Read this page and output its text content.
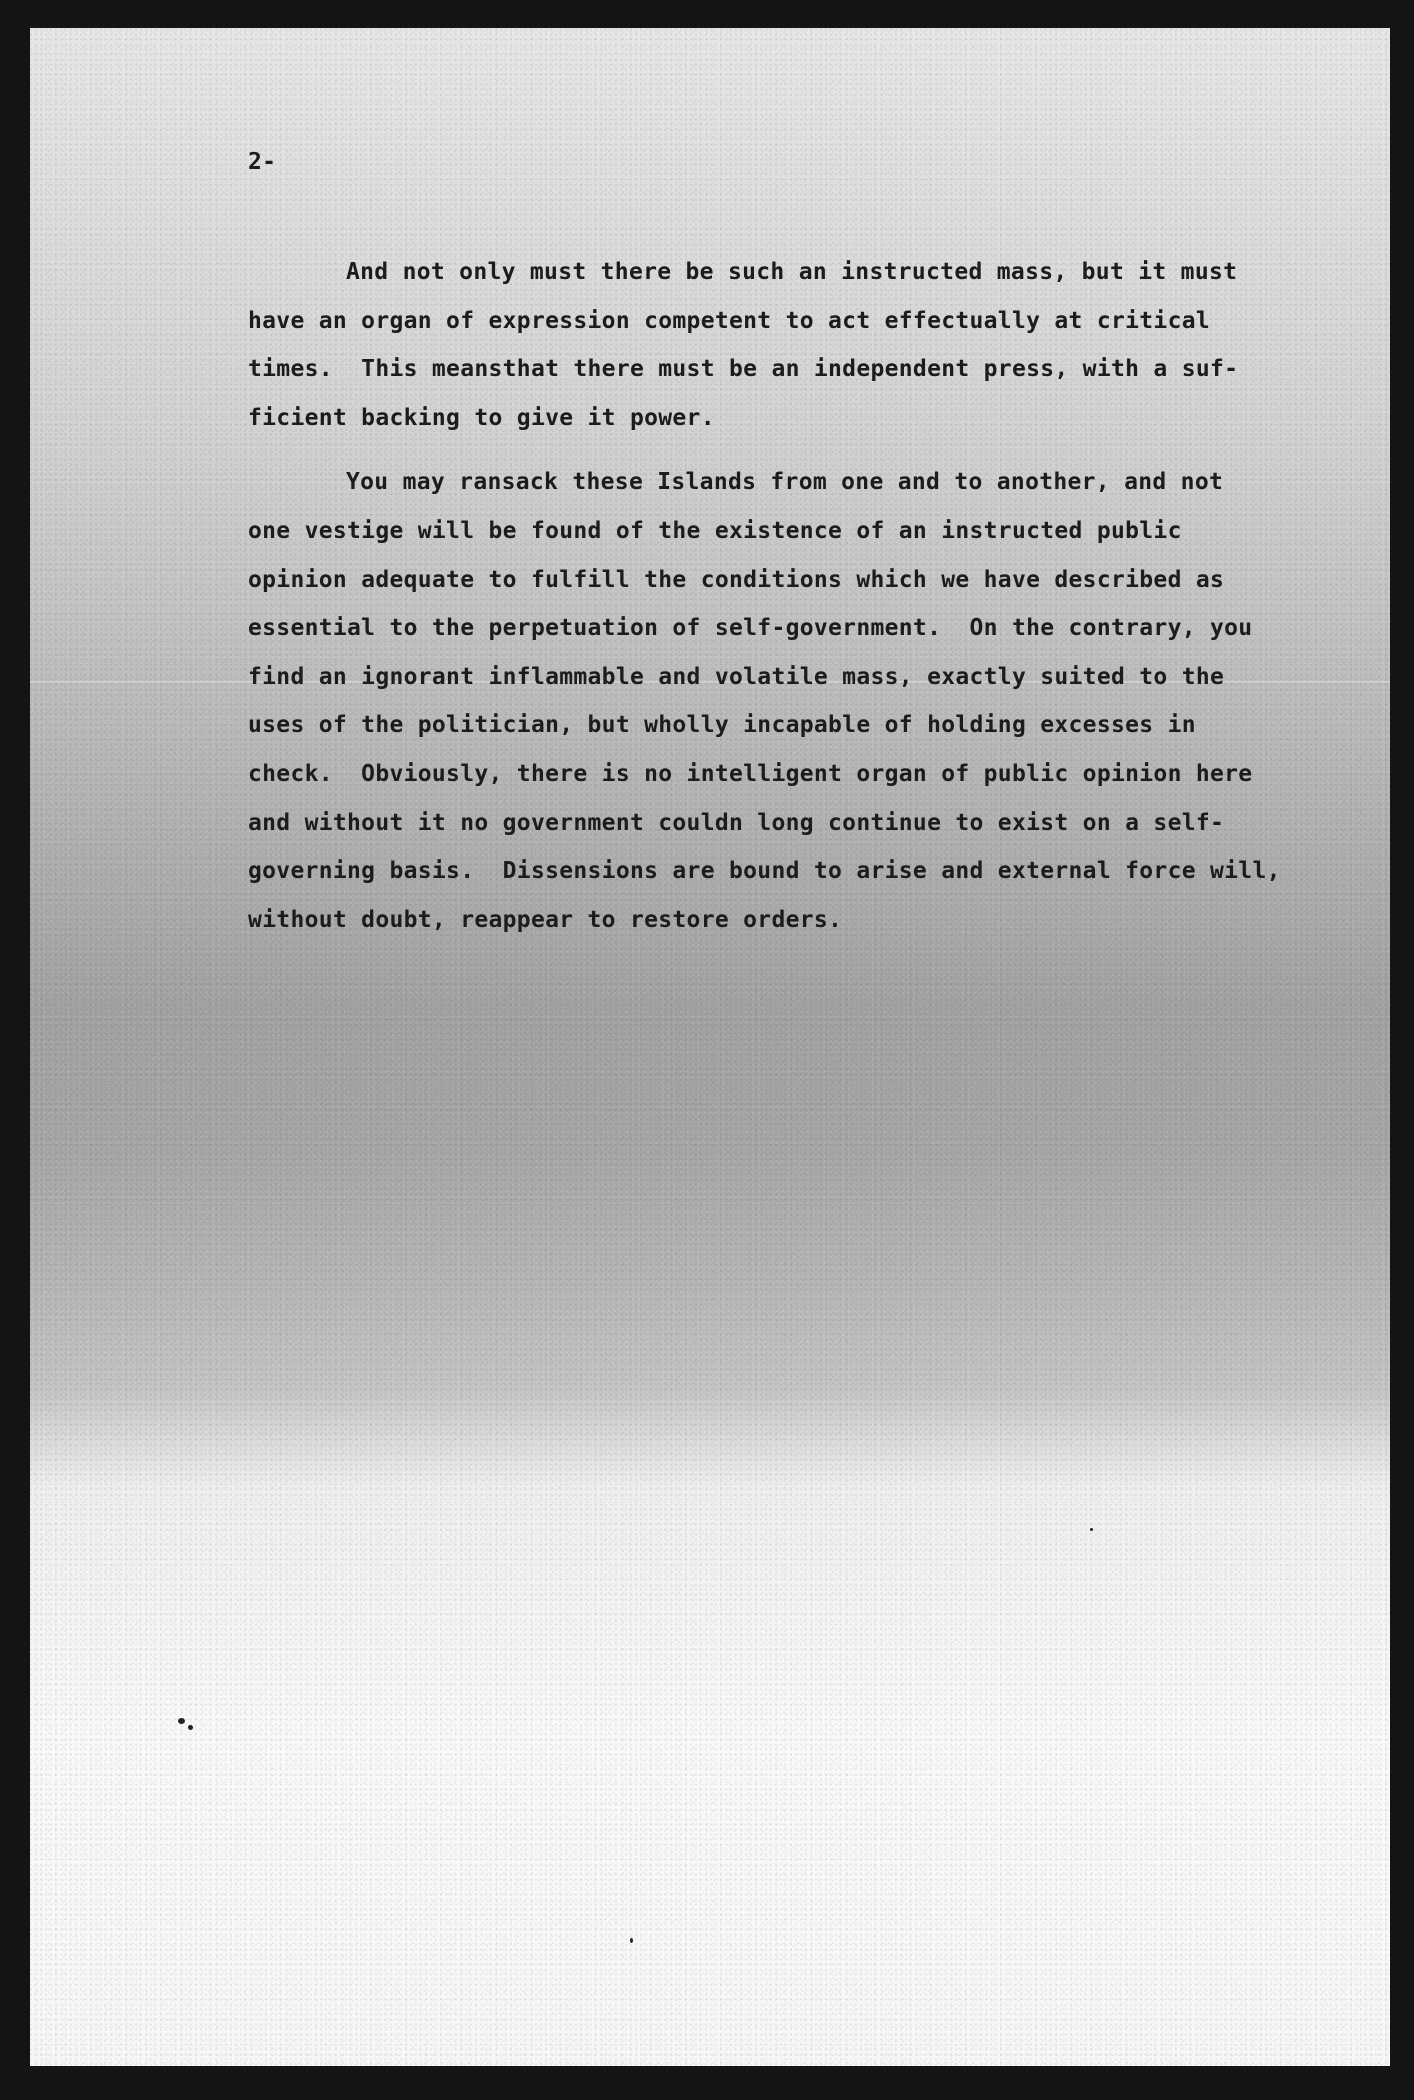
2-
And not only must there be such an instructed mass, but it must
have an organ of expression competent to act effectually at critical
times.  This meansthat there must be an independent press, with a suf-
ficient backing to give it power.
You may ransack these Islands from one and to another, and not
one vestige will be found of the existence of an instructed public
opinion adequate to fulfill the conditions which we have described as
essential to the perpetuation of self-government.  On the contrary, you
find an ignorant inflammable and volatile mass, exactly suited to the
uses of the politician, but wholly incapable of holding excesses in
check.  Obviously, there is no intelligent organ of public opinion here
and without it no government couldn long continue to exist on a self-
governing basis.  Dissensions are bound to arise and external force will,
without doubt, reappear to restore orders.
